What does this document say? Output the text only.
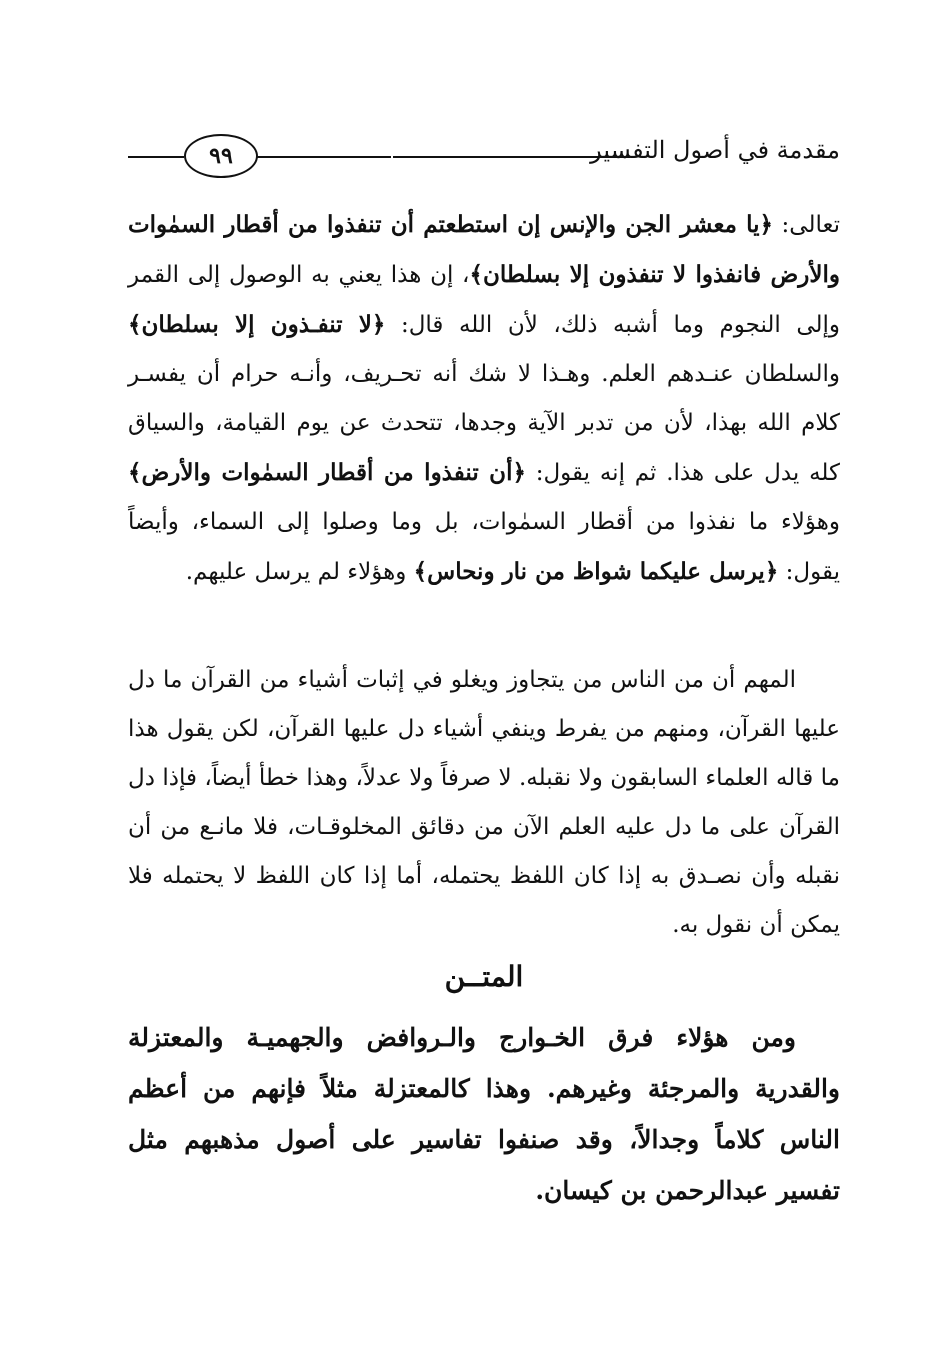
مقدمة في أصول التفسير
٩٩
تعالى: ﴿يا معشر الجن والإنس إن استطعتم أن تنفذوا من أقطار السمٰوات والأرض فانفذوا لا تنفذون إلا بسلطان﴾، إن هذا يعني به الوصول إلى القمر وإلى النجوم وما أشبه ذلك، لأن الله قال: ﴿لا تنفـذون إلا بسلطان﴾ والسلطان عنـدهم العلم. وهـذا لا شك أنه تحـريف، وأنـه حرام أن يفسـر كلام الله بهذا، لأن من تدبر الآية وجدها، تتحدث عن يوم القيامة، والسياق كله يدل على هذا. ثم إنه يقول: ﴿أن تنفذوا من أقطار السمٰوات والأرض﴾ وهؤلاء ما نفذوا من أقطار السمٰوات، بل وما وصلوا إلى السماء، وأيضاً يقول: ﴿يرسل عليكما شواظ من نار ونحاس﴾ وهؤلاء لم يرسل عليهم.
المهم أن من الناس من يتجاوز ويغلو في إثبات أشياء من القرآن ما دل عليها القرآن، ومنهم من يفرط وينفي أشياء دل عليها القرآن، لكن يقول هذا ما قاله العلماء السابقون ولا نقبله. لا صرفاً ولا عدلاً، وهذا خطأ أيضاً، فإذا دل القرآن على ما دل عليه العلم الآن من دقائق المخلوقـات، فلا مانـع من أن نقبله وأن نصـدق به إذا كان اللفظ يحتمله، أما إذا كان اللفظ لا يحتمله فلا يمكن أن نقول به.
المتــن
ومن هؤلاء فرق الخـوارج والـروافض والجهميـة والمعتزلة والقدرية والمرجئة وغيرهم. وهذا كالمعتزلة مثلاً فإنهم من أعظم الناس كلاماً وجدالاً، وقد صنفوا تفاسير على أصول مذهبهم مثل تفسير عبدالرحمن بن كيسان.
